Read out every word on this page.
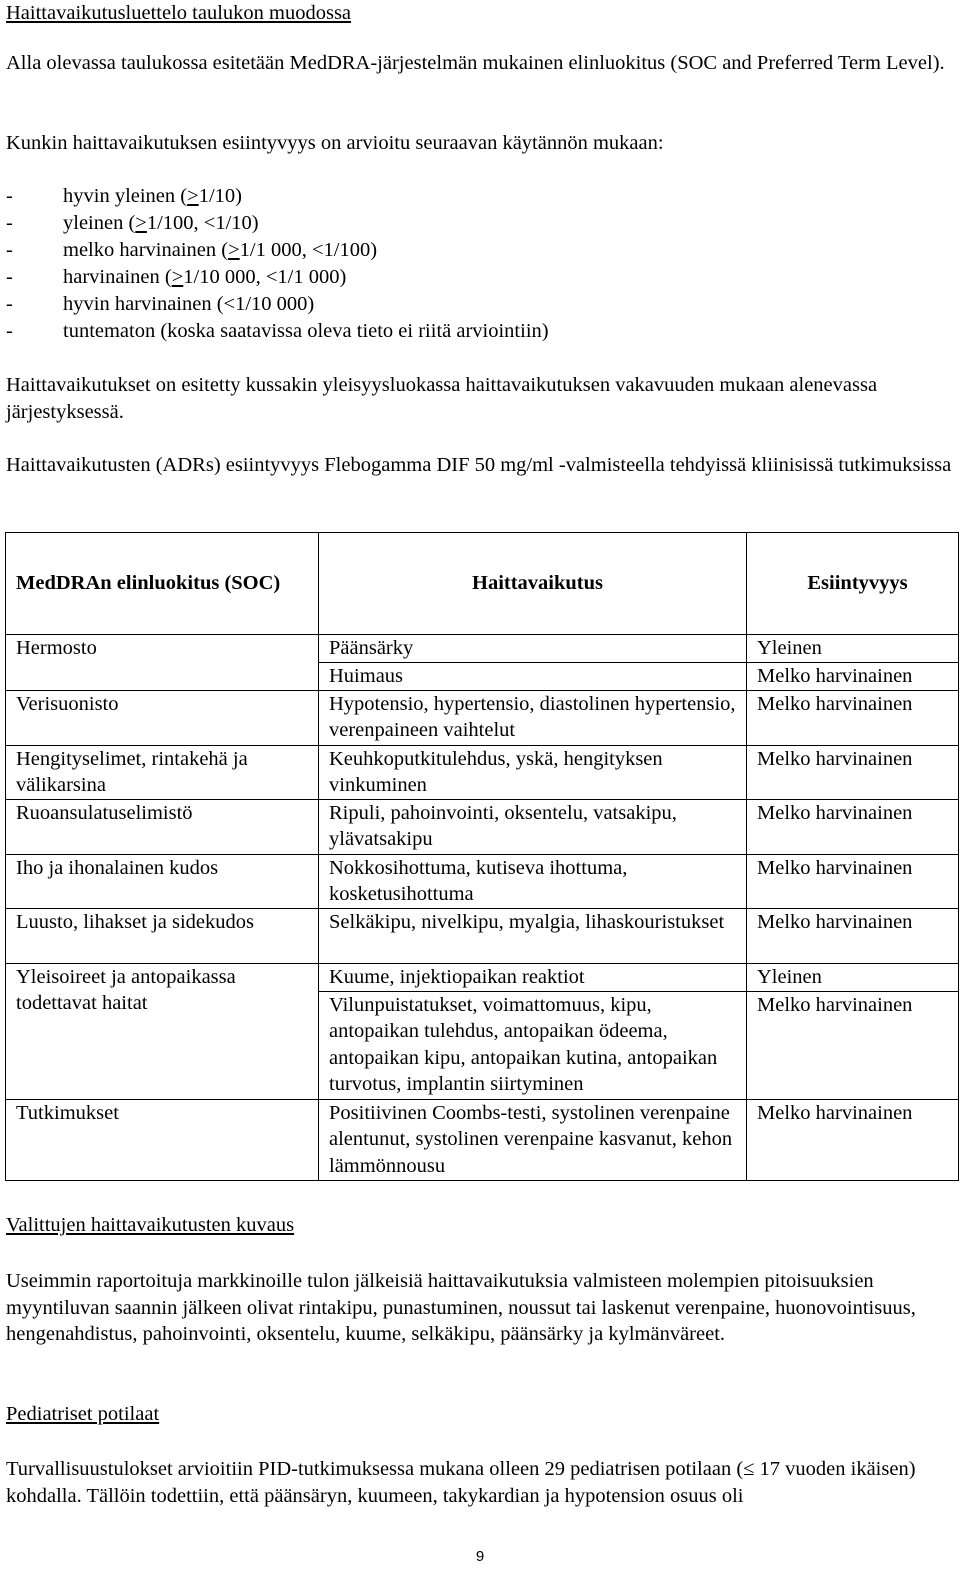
Haittavaikutusluettelo taulukon muodossa

Alla olevassa taulukossa esitetään MedDRA-järjestelmän mukainen elinluokitus (SOC and Preferred Term Level).

Kunkin haittavaikutuksen esiintyvyys on arvioitu seuraavan käytännön mukaan:

- hyvin yleinen (>1/10)
- yleinen (>1/100, <1/10)
- melko harvinainen (>1/1 000, <1/100)
- harvinainen (>1/10 000, <1/1 000)
- hyvin harvinainen (<1/10 000)
- tuntematon (koska saatavissa oleva tieto ei riitä arviointiin)

Haittavaikutukset on esitetty kussakin yleisyysluokassa haittavaikutuksen vakavuuden mukaan alenevassa järjestyksessä.

Haittavaikutusten (ADRs) esiintyvyys Flebogamma DIF 50 mg/ml -valmisteella tehdyissä kliinisissä tutkimuksissa

MedDRAn elinluokitus (SOC)	Haittavaikutus	Esiintyvyys
Hermosto	Päänsärky	Yleinen
	Huimaus	Melko harvinainen
Verisuonisto	Hypotensio, hypertensio, diastolinen hypertensio, verenpaineen vaihtelut	Melko harvinainen
Hengityselimet, rintakehä ja välikarsina	Keuhkoputkitulehdus, yskä, hengityksen vinkuminen	Melko harvinainen
Ruoansulatuselimistö	Ripuli, pahoinvointi, oksentelu, vatsakipu, ylävatsakipu	Melko harvinainen
Iho ja ihonalainen kudos	Nokkosihottuma, kutiseva ihottuma, kosketusihottuma	Melko harvinainen
Luusto, lihakset ja sidekudos	Selkäkipu, nivelkipu, myalgia, lihaskouristukset	Melko harvinainen
Yleisoireet ja antopaikassa todettavat haitat	Kuume, injektiopaikan reaktiot	Yleinen
	Vilunpuistatukset, voimattomuus, kipu, antopaikan tulehdus, antopaikan ödeema, antopaikan kipu, antopaikan kutina, antopaikan turvotus, implantin siirtyminen	Melko harvinainen
Tutkimukset	Positiivinen Coombs-testi, systolinen verenpaine alentunut, systolinen verenpaine kasvanut, kehon lämmönnousu	Melko harvinainen

Valittujen haittavaikutusten kuvaus

Useimmin raportoituja markkinoille tulon jälkeisiä haittavaikutuksia valmisteen molempien pitoisuuksien myyntiluvan saannin jälkeen olivat rintakipu, punastuminen, noussut tai laskenut verenpaine, huonovointisuus, hengenahdistus, pahoinvointi, oksentelu, kuume, selkäkipu, päänsärky ja kylmänväreet.

Pediatriset potilaat

Turvallisuustulokset arvioitiin PID-tutkimuksessa mukana olleen 29 pediatrisen potilaan (≤ 17 vuoden ikäisen) kohdalla. Tällöin todettiin, että päänsäryn, kuumeen, takykardian ja hypotension osuus oli

9
